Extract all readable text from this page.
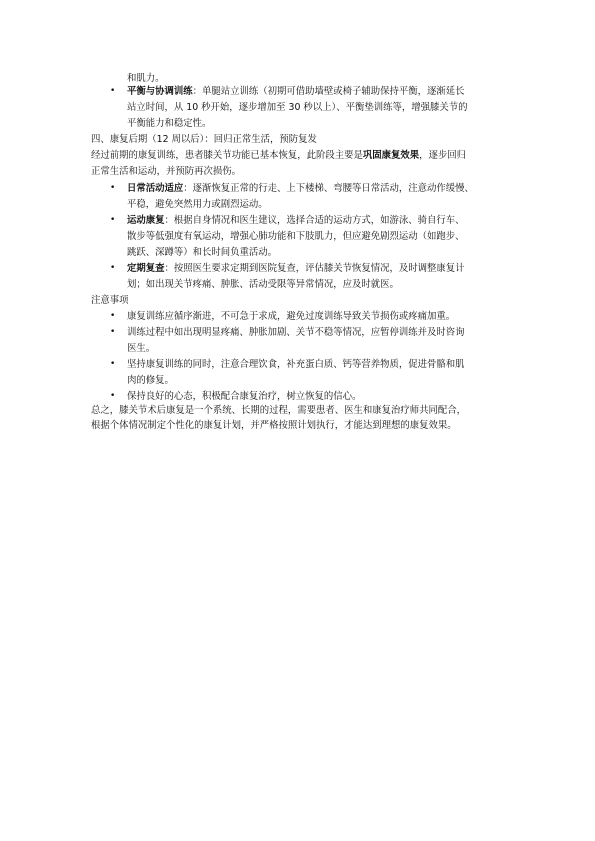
和肌力。
• 平衡与协调训练：单腿站立训练（初期可借助墙壁或椅子辅助保持平衡，逐渐延长
站立时间，从 10 秒开始，逐步增加至 30 秒以上）、平衡垫训练等，增强膝关节的
平衡能力和稳定性。
四、康复后期（12 周以后）：回归正常生活，预防复发
经过前期的康复训练，患者膝关节功能已基本恢复，此阶段主要是巩固康复效果，逐步回归
正常生活和运动，并预防再次损伤。
• 日常活动适应：逐渐恢复正常的行走、上下楼梯、弯腰等日常活动，注意动作缓慢、
平稳，避免突然用力或剧烈运动。
• 运动康复：根据自身情况和医生建议，选择合适的运动方式，如游泳、骑自行车、
散步等低强度有氧运动，增强心肺功能和下肢肌力，但应避免剧烈运动（如跑步、
跳跃、深蹲等）和长时间负重活动。
• 定期复查：按照医生要求定期到医院复查，评估膝关节恢复情况，及时调整康复计
划；如出现关节疼痛、肿胀、活动受限等异常情况，应及时就医。
注意事项
• 康复训练应循序渐进，不可急于求成，避免过度训练导致关节损伤或疼痛加重。
• 训练过程中如出现明显疼痛、肿胀加剧、关节不稳等情况，应暂停训练并及时咨询
医生。
• 坚持康复训练的同时，注意合理饮食，补充蛋白质、钙等营养物质，促进骨骼和肌
肉的修复。
• 保持良好的心态，积极配合康复治疗，树立恢复的信心。
总之，膝关节术后康复是一个系统、长期的过程，需要患者、医生和康复治疗师共同配合，
根据个体情况制定个性化的康复计划，并严格按照计划执行，才能达到理想的康复效果。
